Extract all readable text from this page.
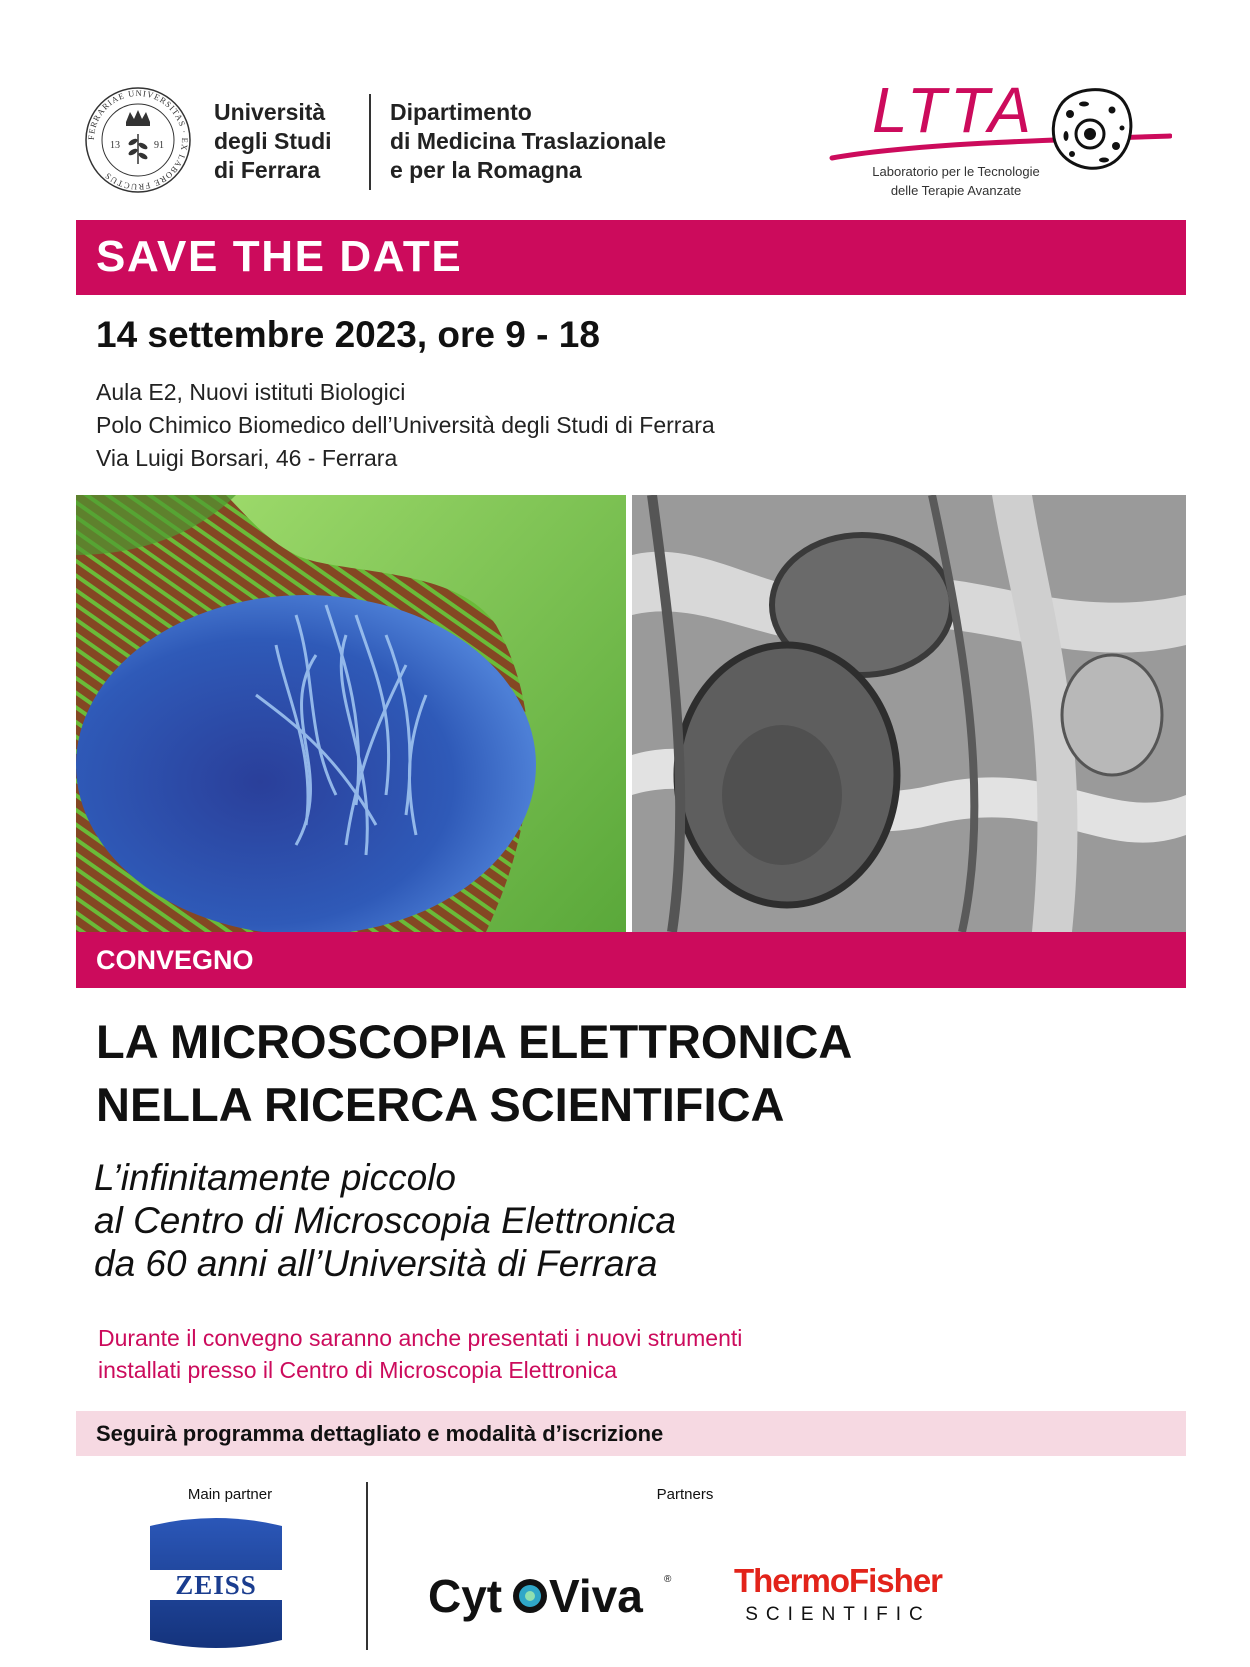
FERRARIAE UNIVERSITAS · EX LABORE FRUCTUS
13	91
Università
degli Studi
di Ferrara
Dipartimento
di Medicina Traslazionale
e per la Romagna
LTTA
Laboratorio per le Tecnologie
delle Terapie Avanzate
SAVE THE DATE
14 settembre 2023, ore 9 - 18
Aula E2, Nuovi istituti Biologici
Polo Chimico Biomedico dell’Università degli Studi di Ferrara
Via Luigi Borsari, 46 - Ferrara
CONVEGNO
LA MICROSCOPIA ELETTRONICA
NELLA RICERCA SCIENTIFICA
L’infinitamente piccolo
al Centro di Microscopia Elettronica
da 60 anni all’Università di Ferrara
Durante il convegno saranno anche presentati i nuovi strumenti
installati presso il Centro di Microscopia Elettronica
Seguirà programma dettagliato e modalità d’iscrizione
Main partner	Partners
ZEISS	Cyt Viva ® ThermoFisher
SCIENTIFIC
